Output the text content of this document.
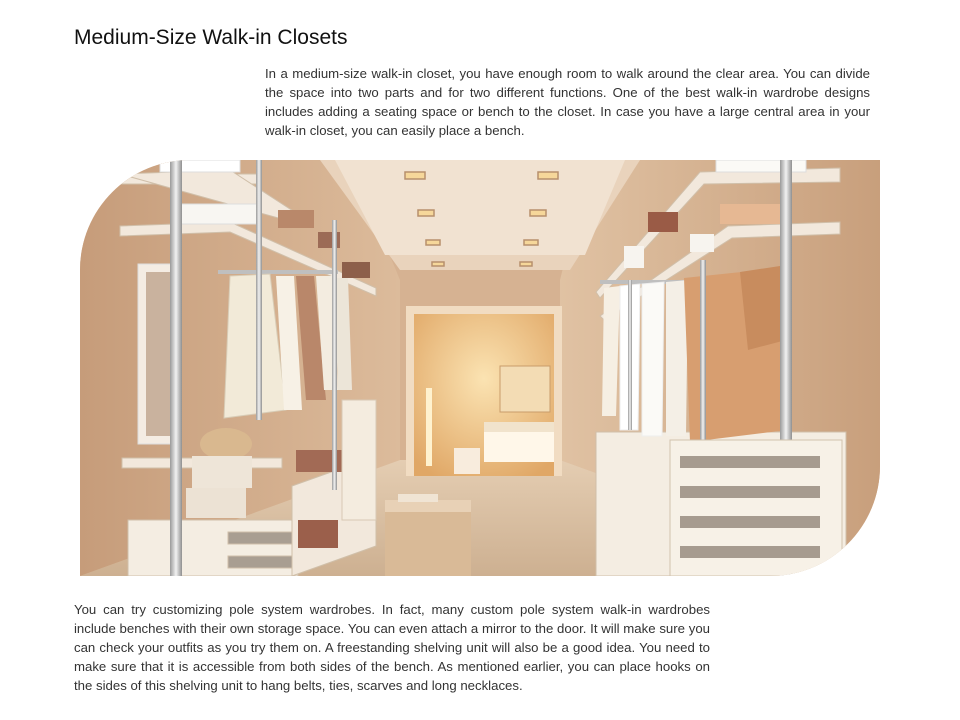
Medium-Size Walk-in Closets

In a medium-size walk-in closet, you have enough room to walk around the clear area. You can divide the space into two parts and for two different functions. One of the best walk-in wardrobe designs includes adding a seating space or bench to the closet. In case you have a large central area in your walk-in closet, you can easily place a bench.

You can try customizing pole system wardrobes. In fact, many custom pole system walk-in wardrobes include benches with their own storage space. You can even attach a mirror to the door. It will make sure you can check your outfits as you try them on. A freestanding shelving unit will also be a good idea. You need to make sure that it is accessible from both sides of the bench. As mentioned earlier, you can place hooks on the sides of this shelving unit to hang belts, ties, scarves and long necklaces.
